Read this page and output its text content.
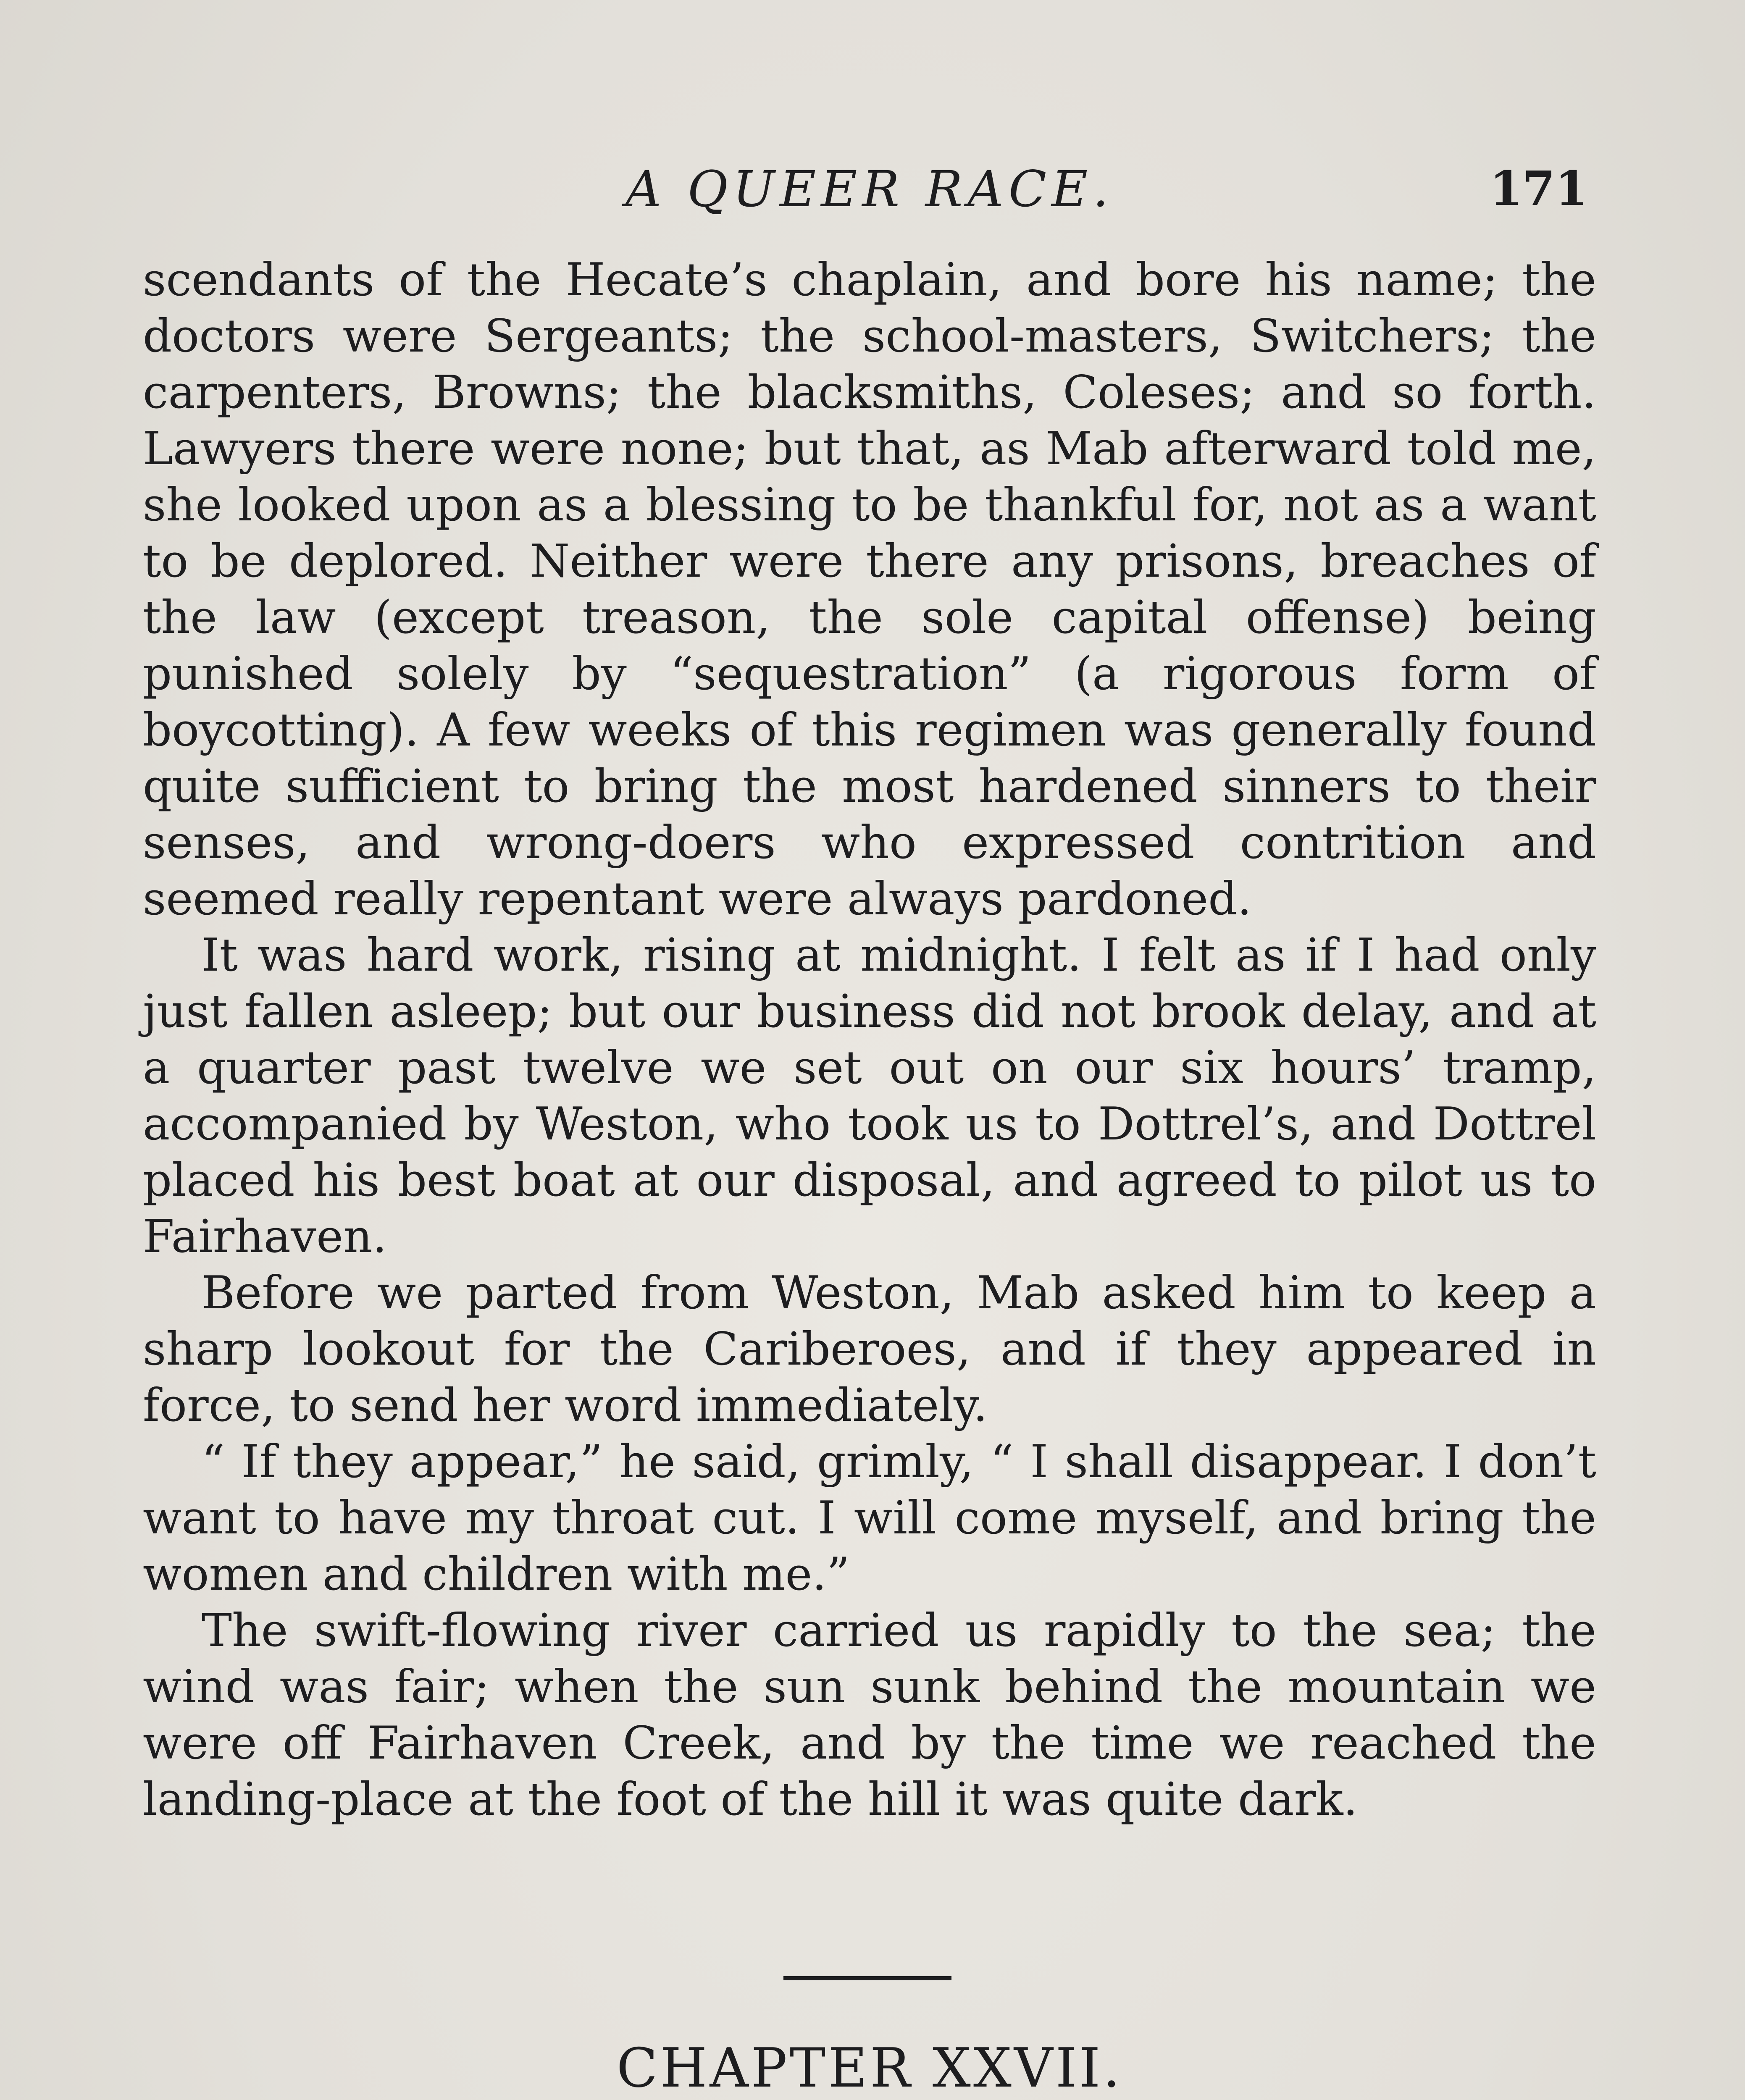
A QUEER RACE.	171

scendants of the Hecate’s chaplain, and bore his name; the doctors were Sergeants; the school-masters, Switchers; the carpenters, Browns; the blacksmiths, Coleses; and so forth. Lawyers there were none; but that, as Mab afterward told me, she looked upon as a blessing to be thankful for, not as a want to be deplored. Neither were there any prisons, breaches of the law (except treason, the sole capital offense) being punished solely by “sequestration” (a rigorous form of boycotting). A few weeks of this regimen was generally found quite sufficient to bring the most hardened sinners to their senses, and wrong-doers who expressed contrition and seemed really repentant were always pardoned.

It was hard work, rising at midnight. I felt as if I had only just fallen asleep; but our business did not brook delay, and at a quarter past twelve we set out on our six hours’ tramp, accompanied by Weston, who took us to Dottrel’s, and Dottrel placed his best boat at our disposal, and agreed to pilot us to Fairhaven.

Before we parted from Weston, Mab asked him to keep a sharp lookout for the Cariberoes, and if they appeared in force, to send her word immediately.

“ If they appear,” he said, grimly, “ I shall disappear. I don’t want to have my throat cut. I will come myself, and bring the women and children with me.”

The swift-flowing river carried us rapidly to the sea; the wind was fair; when the sun sunk behind the mountain we were off Fairhaven Creek, and by the time we reached the landing-place at the foot of the hill it was quite dark.

CHAPTER XXVII.
